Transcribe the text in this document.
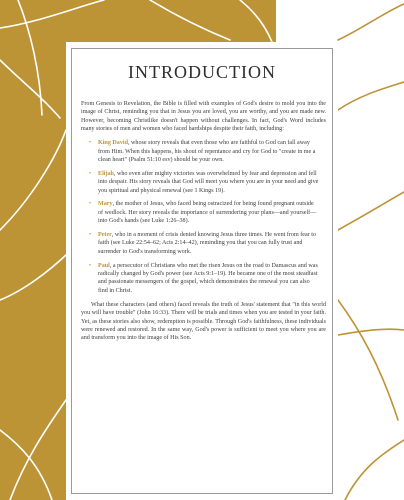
INTRODUCTION

From Genesis to Revelation, the Bible is filled with examples of God's desire to mold you into the image of Christ, reminding you that in Jesus you are loved, you are worthy, and you are made new. However, becoming Christlike doesn't happen without challenges. In fact, God's Word includes many stories of men and women who faced hardships despite their faith, including:

• King David, whose story reveals that even those who are faithful to God can fall away from Him. When this happens, his shout of repentance and cry for God to "create in me a clean heart" (Psalm 51:10 esv) should be your own.
• Elijah, who even after mighty victories was overwhelmed by fear and depression and fell into despair. His story reveals that God will meet you where you are in your need and give you spiritual and physical renewal (see 1 Kings 19).
• Mary, the mother of Jesus, who faced being ostracized for being found pregnant outside of wedlock. Her story reveals the importance of surrendering your plans—and yourself—into God's hands (see Luke 1:26–38).
• Peter, who in a moment of crisis denied knowing Jesus three times. He went from fear to faith (see Luke 22:54–62; Acts 2:14–42), reminding you that you can fully trust and surrender to God's transforming work.
• Paul, a persecutor of Christians who met the risen Jesus on the road to Damascus and was radically changed by God's power (see Acts 9:1–19). He became one of the most steadfast and passionate messengers of the gospel, which demonstrates the renewal you can also find in Christ.

What these characters (and others) faced reveals the truth of Jesus' statement that "in this world you will have trouble" (John 16:33). There will be trials and times when you are tested in your faith. Yet, as these stories also show, redemption is possible. Through God's faithfulness, these individuals were renewed and restored. In the same way, God's power is sufficient to meet you where you are and transform you into the image of His Son.
